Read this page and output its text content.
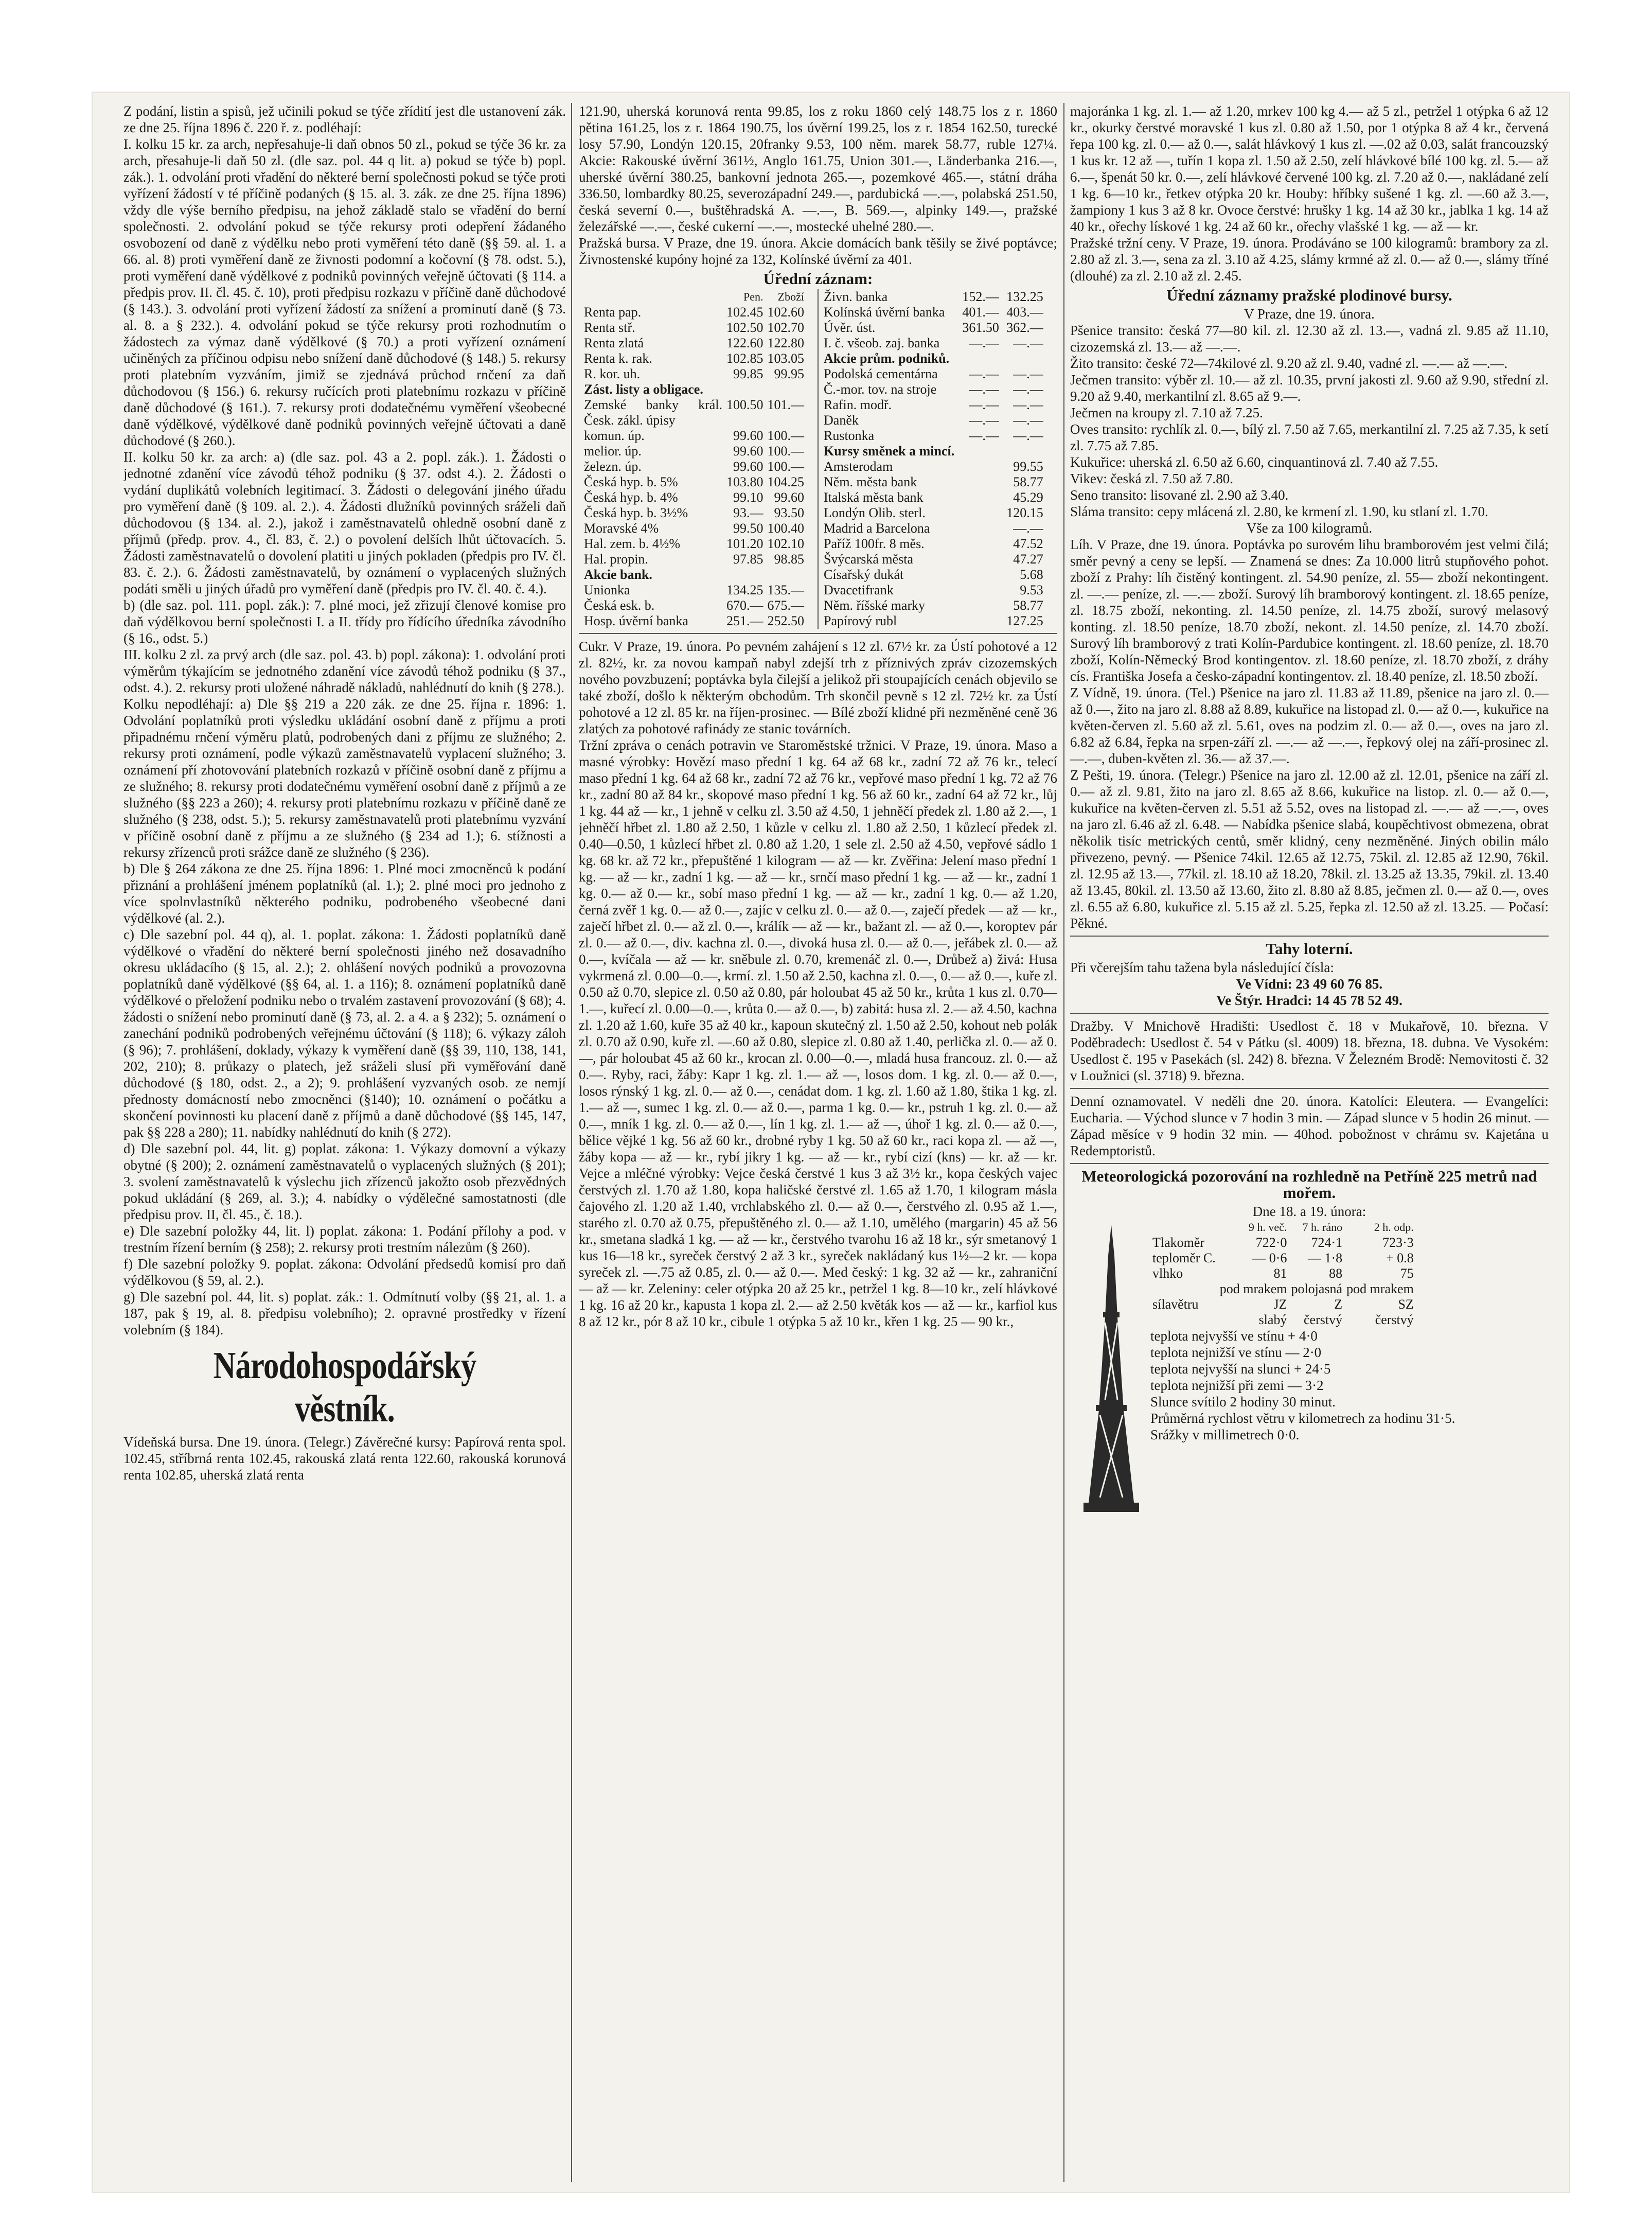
Z podání, listin a spisů, jež učinili pokud se týče zřídití jest dle ustanovení zák. ze dne 25. října 1896 č. 220 ř. z. podléhají:

I. kolku 15 kr. za arch, nepřesahuje-li daň obnos 50 zl., pokud se týče 36 kr. za arch, přesahuje-li daň 50 zl. (dle saz. pol. 44 q lit. a) pokud se týče b) popl. zák.). 1. odvolání proti vřadění do některé berní společnosti pokud se týče proti vyřízení žádostí v té příčině podaných (§ 15. al. 3. zák. ze dne 25. října 1896) vždy dle výše berního předpisu, na jehož základě stalo se vřadění do berní společnosti. 2. odvolání pokud se týče rekursy proti odepření žádaného osvobození od daně z výdělku nebo proti vyměření této daně (§§ 59. al. 1. a 66. al. 8) proti vyměření daně ze živnosti podomní a kočovní (§ 78. odst. 5.), proti vyměření daně výdělkové z podniků povinných veřejně účtovati (§ 114. a předpis prov. II. čl. 45. č. 10), proti předpisu rozkazu v příčině daně důchodové (§ 143.). 3. odvolání proti vyřízení žádostí za snížení a prominutí daně (§ 73. al. 8. a § 232.). 4. odvolání pokud se týče rekursy proti rozhodnutím o žádostech za výmaz daně výdělkové (§ 70.) a proti vyřízení oznámení učiněných za příčinou odpisu nebo snížení daně důchodové (§ 148.) 5. rekursy proti platebním vyzváním, jimiž se zjednává průchod rnčení za daň důchodovou (§ 156.) 6. rekursy ručících proti platebnímu rozkazu v příčině daně důchodové (§ 161.). 7. rekursy proti dodatečnému vyměření všeobecné daně výdělkové, výdělkové daně podniků povinných veřejně účtovati a daně důchodové (§ 260.).

II. kolku 50 kr. za arch: a) (dle saz. pol. 43 a 2. popl. zák.). 1. Žádosti o jednotné zdanění více závodů téhož podniku (§ 37. odst 4.). 2. Žádosti o vydání duplikátů volebních legitimací. 3. Žádosti o delegování jiného úřadu pro vyměření daně (§ 109. al. 2.). 4. Žádosti dlužníků povinných sráželi daň důchodovou (§ 134. al. 2.), jakož i zaměstnavatelů ohledně osobní daně z příjmů (předp. prov. 4., čl. 83, č. 2.) o povolení delších lhůt účtovacích. 5. Žádosti zaměstnavatelů o dovolení platiti u jiných pokladen (předpis pro IV. čl. 83. č. 2.). 6. Žádosti zaměstnavatelů, by oznámení o vyplacených služných podáti směli u jiných úřadů pro vyměření daně (předpis pro IV. čl. 40. č. 4.).

b) (dle saz. pol. 111. popl. zák.): 7. plné moci, jež zřizují členové komise pro daň výdělkovou berní společnosti I. a II. třídy pro řídícího úředníka závodního (§ 16., odst. 5.)

III. kolku 2 zl. za prvý arch (dle saz. pol. 43. b) popl. zákona): 1. odvolání proti výměrům týkajícím se jednotného zdanění více závodů téhož podniku (§ 37., odst. 4.). 2. rekursy proti uložené náhradě nákladů, nahlédnutí do knih (§ 278.).

Kolku nepodléhají: a) Dle §§ 219 a 220 zák. ze dne 25. října r. 1896: 1. Odvolání poplatníků proti výsledku ukládání osobní daně z příjmu a proti připadnému rnčení výměru platů, podrobených dani z příjmu ze služného; 2. rekursy proti oznámení, podle výkazů zaměstnavatelů vyplacení služného; 3. oznámení pří zhotovování platebních rozkazů v příčině osobní daně z příjmu a ze služného; 8. rekursy proti dodatečnému vyměření osobní daně z příjmů a ze služného (§§ 223 a 260); 4. rekursy proti platebnímu rozkazu v příčině daně ze služného (§ 238, odst. 5.); 5. rekursy zaměstnavatelů proti platebnímu vyzvání v příčině osobní daně z příjmu a ze služného (§ 234 ad 1.); 6. stížnosti a rekursy zřízenců proti srážce daně ze služného (§ 236).

b) Dle § 264 zákona ze dne 25. října 1896: 1. Plné moci zmocněnců k podání přiznání a prohlášení jménem poplatníků (al. 1.); 2. plné moci pro jednoho z více spolnvlastníků některého podniku, podrobeného všeobecné dani výdělkové (al. 2.).

c) Dle sazební pol. 44 q), al. 1. poplat. zákona: 1. Žádosti poplatníků daně výdělkové o vřadění do některé berní společnosti jiného než dosavadního okresu ukládacího (§ 15, al. 2.); 2. ohlášení nových podniků a provozovna poplatníků daně výdělkové (§§ 64, al. 1. a 116); 8. oznámení poplatníků daně výdělkové o přeložení podniku nebo o trvalém zastavení provozování (§ 68); 4. žádosti o snížení nebo prominutí daně (§ 73, al. 2. a 4. a § 232); 5. oznámení o zanechání podniků podrobených veřejnému účtování (§ 118); 6. výkazy záloh (§ 96); 7. prohlášení, doklady, výkazy k vyměření daně (§§ 39, 110, 138, 141, 202, 210); 8. průkazy o platech, jež sráželi slusí při vyměřování daně důchodové (§ 180, odst. 2., a 2); 9. prohlášení vyzvaných osob. ze nemjí přednosty domácností nebo zmocněnci (§140); 10. oznámení o počátku a skončení povinnosti ku placení daně z příjmů a daně důchodové (§§ 145, 147, pak §§ 228 a 280); 11. nabídky nahlédnutí do knih (§ 272).

d) Dle sazební pol. 44, lit. g) poplat. zákona: 1. Výkazy domovní a výkazy obytné (§ 200); 2. oznámení zaměstnavatelů o vyplacených služných (§ 201); 3. svolení zaměstnavatelů k výslechu jich zřízenců jakožto osob přezvědných pokud ukládání (§ 269, al. 3.); 4. nabídky o výdělečné samostatnosti (dle předpisu prov. II, čl. 45., č. 18.).

e) Dle sazební položky 44, lit. l) poplat. zákona: 1. Podání přílohy a pod. v trestním řízení berním (§ 258); 2. rekursy proti trestním nálezům (§ 260).

f) Dle sazební položky 9. poplat. zákona: Odvolání předsedů komisí pro daň výdělkovou (§ 59, al. 2.).

g) Dle sazební pol. 44, lit. s) poplat. zák.: 1. Odmítnutí volby (§§ 21, al. 1. a 187, pak § 19, al. 8. předpisu volebního); 2. opravné prostředky v řízení volebním (§ 184).

Národohospodářský věstník.

Vídeňská bursa. Dne 19. února. (Telegr.) Závěrečné kursy: Papírová renta spol. 102.45, stříbrná renta 102.45, rakouská zlatá renta 122.60, rakouská korunová renta 102.85, uherská zlatá renta

121.90, uherská korunová renta 99.85, los z roku 1860 celý 148.75 los z r. 1860 pětina 161.25, los z r. 1864 190.75, los úvěrní 199.25, los z r. 1854 162.50, turecké losy 57.90, Londýn 120.15, 20franky 9.53, 100 něm. marek 58.77, ruble 127¼. Akcie: Rakouské úvěrní 361½, Anglo 161.75, Union 301.—, Länderbanka 216.—, uherské úvěrní 380.25, bankovní jednota 265.—, pozemkové 465.—, státní dráha 336.50, lombardky 80.25, severozápadní 249.—, pardubická —.—, polabská 251.50, česká severní 0.—, buštěhradská A. —.—, B. 569.—, alpinky 149.—, pražské železářské —.—, české cukerní —.—, mostecké uhelné 280.—.

Pražská bursa. V Praze, dne 19. února. Akcie domácích bank těšily se živé poptávce; Živnostenské kupóny hojné za 132, Kolínské úvěrní za 401.

Úřední záznam:
	Pen.	Zboží		
Renta pap.	102.45	102.60		
Renta stř.	102.50	102.70		
Renta zlatá	122.60	122.80		
Renta k. rak.	102.85	103.05		
R. kor. uh.	99.85	99.95		
Zást. listy a obligace.				
Zemské banky král. Česk. zákl. úpisy	100.50	101.—		
komun. úp.	99.60	100.—		
melior. úp.	99.60	100.—		
železn. úp.	99.60	100.—		
Česká hyp. b. 5%	103.80	104.25		
Česká hyp. b. 4%	99.10	99.60		
Česká hyp. b. 3½%	93.—	93.50		
Moravské 4%	99.50	100.40		
Hal. zem. b. 4½%	101.20	102.10		
Hal. propin.	97.85	98.85		
Akcie bank.				
Unionka	134.25	135.—		
Česká esk. b.	670.—	675.—		
Hosp. úvěrní banka	251.—	252.50		
Živn. banka	152.—	132.25		
Kolínská úvěrní banka	401.—	403.—		
Úvěr. úst.	361.50	362.—		
I. č. všeob. zaj. banka	—.—	—.—		
Akcie prům. podniků.				
Podolská cementárna	—.—	—.—		
Č.-mor. tov. na stroje	—.—	—.—		
Rafin. modř.	—.—	—.—		
Daněk	—.—	—.—		
Rustonka	—.—	—.—		
Kursy směnek a mincí.				
Amsterodam		99.55		
Něm. města bank		58.77		
Italská města bank		45.29		
Londýn Olib. sterl.		120.15		
Madrid a Barcelona		—.—		
Paříž 100fr. 8 měs.		47.52		
Švýcarská města		47.27		
Císařský dukát		5.68		
Dvacetifrank		9.53		
Něm. říšské marky		58.77		
Papírový rubl		127.25		

Cukr. V Praze, 19. února. Po pevném zahájení s 12 zl. 67½ kr. za Ústí pohotové a 12 zl. 82½, kr. za novou kampaň nabyl zdejší trh z příznivých zpráv cizozemských nového povzbuzení; poptávka byla čilejší a jelikož při stoupajících cenách objevilo se také zboží, došlo k některým obchodům. Trh skončil pevně s 12 zl. 72½ kr. za Ústí pohotové a 12 zl. 85 kr. na říjen-prosinec. — Bílé zboží klidné při nezměněné ceně 36 zlatých za pohotové rafinády ze stanic továrních.

Tržní zpráva o cenách potravin ve Staroměstské tržnici. V Praze, 19. února. Maso a masné výrobky: Hovězí maso přední 1 kg. 64 až 68 kr., zadní 72 až 76 kr., telecí maso přední 1 kg. 64 až 68 kr., zadní 72 až 76 kr., vepřové maso přední 1 kg. 72 až 76 kr., zadní 80 až 84 kr., skopové maso přední 1 kg. 56 až 60 kr., zadní 64 až 72 kr., lůj 1 kg. 44 až — kr., 1 jehně v celku zl. 3.50 až 4.50, 1 jehněčí předek zl. 1.80 až 2.—, 1 jehněčí hřbet zl. 1.80 až 2.50, 1 kůzle v celku zl. 1.80 až 2.50, 1 kůzlecí předek zl. 0.40—0.50, 1 kůzlecí hřbet zl. 0.80 až 1.20, 1 sele zl. 2.50 až 4.50, vepřové sádlo 1 kg. 68 kr. až 72 kr., přepuštěné 1 kilogram — až — kr. Zvěřina: Jelení maso přední 1 kg. — až — kr., zadní 1 kg. — až — kr., srnčí maso přední 1 kg. — až — kr., zadní 1 kg. 0.— až 0.— kr., sobí maso přední 1 kg. — až — kr., zadní 1 kg. 0.— až 1.20, černá zvěř 1 kg. 0.— až 0.—, zajíc v celku zl. 0.— až 0.—, zaječí předek — až — kr., zaječí hřbet zl. 0.— až zl. 0.—, králík — až — kr., bažant zl. — až 0.—, koroptev pár zl. 0.— až 0.—, div. kachna zl. 0.—, divoká husa zl. 0.— až 0.—, jeřábek zl. 0.— až 0.—, kvíčala — až — kr. sněbule zl. 0.70, kremenáč zl. 0.—, Drůbež a) živá: Husa vykrmená zl. 0.00—0.—, krmí. zl. 1.50 až 2.50, kachna zl. 0.—, 0.— až 0.—, kuře zl. 0.50 až 0.70, slepice zl. 0.50 až 0.80, pár holoubat 45 až 50 kr., krůta 1 kus zl. 0.70—1.—, kuřecí zl. 0.00—0.—, krůta 0.— až 0.—, b) zabitá: husa zl. 2.— až 4.50, kachna zl. 1.20 až 1.60, kuře 35 až 40 kr., kapoun skutečný zl. 1.50 až 2.50, kohout neb polák zl. 0.70 až 0.90, kuře zl. —.60 až 0.80, slepice zl. 0.80 až 1.40, perlička zl. 0.— až 0.—, pár holoubat 45 až 60 kr., krocan zl. 0.00—0.—, mladá husa francouz. zl. 0.— až 0.—. Ryby, raci, žáby: Kapr 1 kg. zl. 1.— až —, losos dom. 1 kg. zl. 0.— až 0.—, losos rýnský 1 kg. zl. 0.— až 0.—, cenádat dom. 1 kg. zl. 1.60 až 1.80, štika 1 kg. zl. 1.— až —, sumec 1 kg. zl. 0.— až 0.—, parma 1 kg. 0.— kr., pstruh 1 kg. zl. 0.— až 0.—, mník 1 kg. zl. 0.— až 0.—, lín 1 kg. zl. 1.— až —, úhoř 1 kg. zl. 0.— až 0.—, bělice vějké 1 kg. 56 až 60 kr., drobné ryby 1 kg. 50 až 60 kr., raci kopa zl. — až —, žáby kopa — až — kr., rybí jikry 1 kg. — až — kr., rybí cizí (kns) — kr. až — kr. Vejce a mléčné výrobky: Vejce česká čerstvé 1 kus 3 až 3½ kr., kopa českých vajec čerstvých zl. 1.70 až 1.80, kopa haličské čerstvé zl. 1.65 až 1.70, 1 kilogram másla čajového zl. 1.20 až 1.40, vrchlabského zl. 0.— až 0.—, čerstvého zl. 0.95 až 1.—, starého zl. 0.70 až 0.75, přepuštěného zl. 0.— až 1.10, umělého (margarin) 45 až 56 kr., smetana sladká 1 kg. — až — kr., čerstvého tvarohu 16 až 18 kr., sýr smetanový 1 kus 16—18 kr., syreček čerstvý 2 až 3 kr., syreček nakládaný kus 1½—2 kr. — kopa syreček zl. —.75 až 0.85, zl. 0.— až 0.—. Med český: 1 kg. 32 až — kr., zahraniční — až — kr. Zeleniny: celer otýpka 20 až 25 kr., petržel 1 kg. 8—10 kr., zelí hlávkové 1 kg. 16 až 20 kr., kapusta 1 kopa zl. 2.— až 2.50 květák kos — až — kr., karfiol kus 8 až 12 kr., pór 8 až 10 kr., cibule 1 otýpka 5 až 10 kr., křen 1 kg. 25 — 90 kr.,

majoránka 1 kg. zl. 1.— až 1.20, mrkev 100 kg 4.— až 5 zl., petržel 1 otýpka 6 až 12 kr., okurky čerstvé moravské 1 kus zl. 0.80 až 1.50, por 1 otýpka 8 až 4 kr., červená řepa 100 kg. zl. 0.— až 0.—, salát hlávkový 1 kus zl. —.02 až 0.03, salát francouzský 1 kus kr. 12 až —, tuřín 1 kopa zl. 1.50 až 2.50, zelí hlávkové bílé 100 kg. zl. 5.— až 6.—, špenát 50 kr. 0.—, zelí hlávkové červené 100 kg. zl. 7.20 až 0.—, nakládané zelí 1 kg. 6—10 kr., řetkev otýpka 20 kr. Houby: hříbky sušené 1 kg. zl. —.60 až 3.—, žampiony 1 kus 3 až 8 kr. Ovoce čerstvé: hrušky 1 kg. 14 až 30 kr., jablka 1 kg. 14 až 40 kr., ořechy lískové 1 kg. 24 až 60 kr., ořechy vlašské 1 kg. — až — kr.

Pražské tržní ceny. V Praze, 19. února. Prodáváno se 100 kilogramů: brambory za zl. 2.80 až zl. 3.—, sena za zl. 3.10 až 4.25, slámy krmné až zl. 0.— až 0.—, slámy tříné (dlouhé) za zl. 2.10 až zl. 2.45.

Úřední záznamy pražské plodinové bursy.

V Praze, dne 19. února.

Pšenice transito: česká 77—80 kil. zl. 12.30 až zl. 13.—, vadná zl. 9.85 až 11.10, cizozemská zl. 13.— až —.—.

Žito transito: české 72—74kilové zl. 9.20 až zl. 9.40, vadné zl. —.— až —.—.

Ječmen transito: výběr zl. 10.— až zl. 10.35, první jakosti zl. 9.60 až 9.90, střední zl. 9.20 až 9.40, merkantilní zl. 8.65 až 9.—.

Ječmen na kroupy zl. 7.10 až 7.25.

Oves transito: rychlík zl. 0.—, bílý zl. 7.50 až 7.65, merkantilní zl. 7.25 až 7.35, k setí zl. 7.75 až 7.85.

Kukuřice: uherská zl. 6.50 až 6.60, cinquantinová zl. 7.40 až 7.55.

Vikev: česká zl. 7.50 až 7.80.

Seno transito: lisované zl. 2.90 až 3.40.

Sláma transito: cepy mlácená zl. 2.80, ke krmení zl. 1.90, ku stlaní zl. 1.70.

Vše za 100 kilogramů.

Líh. V Praze, dne 19. února. Poptávka po surovém lihu bramborovém jest velmi čilá; směr pevný a ceny se lepší. — Znamená se dnes: Za 10.000 litrů stupňového pohot. zboží z Prahy: líh čistěný kontingent. zl. 54.90 peníze, zl. 55— zboží nekontingent. zl. —.— peníze, zl. —.— zboží. Surový líh bramborový kontingent. zl. 18.65 peníze, zl. 18.75 zboží, nekonting. zl. 14.50 peníze, zl. 14.75 zboží, surový melasový konting. zl. 18.50 peníze, 18.70 zboží, nekont. zl. 14.50 peníze, zl. 14.70 zboží. Surový líh bramborový z trati Kolín-Pardubice kontingent. zl. 18.60 peníze, zl. 18.70 zboží, Kolín-Německý Brod kontingentov. zl. 18.60 peníze, zl. 18.70 zboží, z dráhy cís. Františka Josefa a česko-západní kontingentov. zl. 18.40 peníze, zl. 18.50 zboží.

Z Vídně, 19. února. (Tel.) Pšenice na jaro zl. 11.83 až 11.89, pšenice na jaro zl. 0.— až 0.—, žito na jaro zl. 8.88 až 8.89, kukuřice na listopad zl. 0.— až 0.—, kukuřice na květen-červen zl. 5.60 až zl. 5.61, oves na podzim zl. 0.— až 0.—, oves na jaro zl. 6.82 až 6.84, řepka na srpen-září zl. —.— až —.—, řepkový olej na září-prosinec zl. —.—, duben-květen zl. 36.— až 37.—.

Z Pešti, 19. února. (Telegr.) Pšenice na jaro zl. 12.00 až zl. 12.01, pšenice na září zl. 0.— až zl. 9.81, žito na jaro zl. 8.65 až 8.66, kukuřice na listop. zl. 0.— až 0.—, kukuřice na květen-červen zl. 5.51 až 5.52, oves na listopad zl. —.— až —.—, oves na jaro zl. 6.46 až zl. 6.48. — Nabídka pšenice slabá, koupěchtivost obmezena, obrat několik tisíc metrických centů, směr klidný, ceny nezměněné. Jiných obilin málo přivezeno, pevný. — Pšenice 74kil. 12.65 až 12.75, 75kil. zl. 12.85 až 12.90, 76kil. zl. 12.95 až 13.—, 77kil. zl. 18.10 až 18.20, 78kil. zl. 13.25 až 13.35, 79kil. zl. 13.40 až 13.45, 80kil. zl. 13.50 až 13.60, žito zl. 8.80 až 8.85, ječmen zl. 0.— až 0.—, oves zl. 6.55 až 6.80, kukuřice zl. 5.15 až zl. 5.25, řepka zl. 12.50 až zl. 13.25. — Počasí: Pěkné.

Tahy loterní.

Při včerejším tahu tažena byla následující čísla:

Ve Vídni: 23 49 60 76 85.

Ve Štýr. Hradci: 14 45 78 52 49.

Dražby. V Mnichově Hradišti: Usedlost č. 18 v Mukařově, 10. března. V Poděbradech: Usedlost č. 54 v Pátku (sl. 4009) 18. března, 18. dubna. Ve Vysokém: Usedlost č. 195 v Pasekách (sl. 242) 8. března. V Železném Brodě: Nemovitosti č. 32 v Loužnici (sl. 3718) 9. března.

Denní oznamovatel. V neděli dne 20. února. Katolíci: Eleutera. — Evangelíci: Eucharia. — Východ slunce v 7 hodin 3 min. — Západ slunce v 5 hodin 26 minut. — Západ měsíce v 9 hodin 32 min. — 40hod. pobožnost v chrámu sv. Kajetána u Redemptoristů.

Meteorologická pozorování na rozhledně na Petříně 225 metrů nad mořem.

Dne 18. a 19. února:

	9 h. več.	7 h. ráno	2 h. odp.
Tlakoměr	722·0	724·1	723·3
teploměr C.	— 0·6	— 1·8	+ 0.8
vlhko	81	88	75
	pod mrakem	polojasná	pod mrakem
sílavětru	JZ	Z	SZ
	slabý	čerstvý	čerstvý

teplota nejvyšší ve stínu + 4·0

teplota nejnižší ve stínu — 2·0

teplota nejvyšší na slunci + 24·5

teplota nejnižší při zemi — 3·2

Slunce svítilo 2 hodiny 30 minut.

Průměrná rychlost větru v kilometrech za hodinu 31·5.

Srážky v millimetrech 0·0.
